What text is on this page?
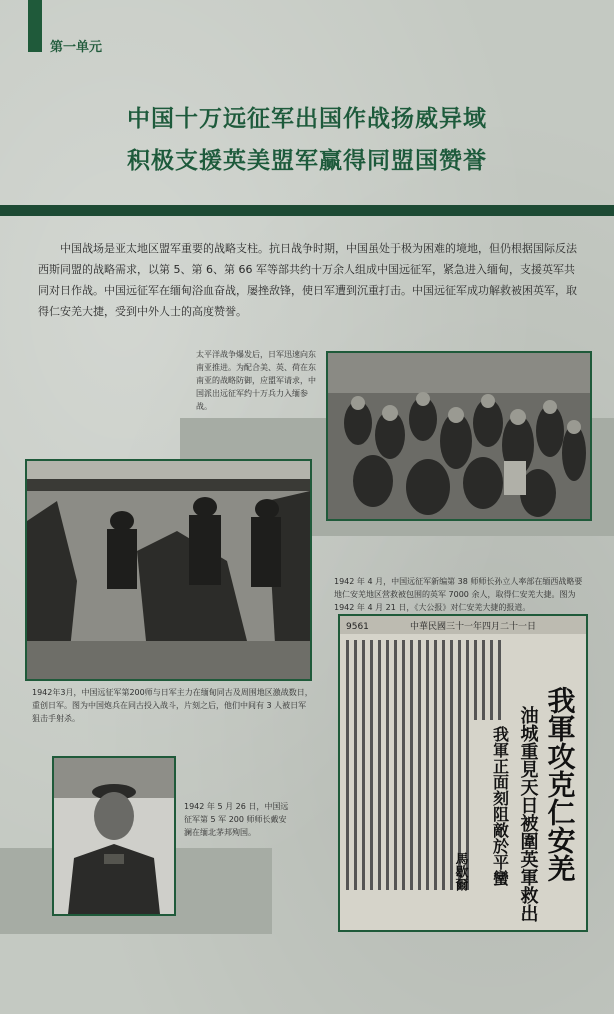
第一单元
中国十万远征军出国作战扬威异域
积极支援英美盟军赢得同盟国赞誉
中国战场是亚太地区盟军重要的战略支柱。抗日战争时期，中国虽处于极为困难的境地，但仍根据国际反法西斯同盟的战略需求，以第 5、第 6、第 66 军等部共约十万余人组成中国远征军，紧急进入缅甸，支援英军共同对日作战。中国远征军在缅甸浴血奋战，屡挫敌锋，使日军遭到沉重打击。中国远征军成功解救被困英军，取得仁安羌大捷，受到中外人士的高度赞誉。
太平洋战争爆发后，日军迅速向东南亚推进。为配合美、英、荷在东南亚的战略防御，应盟军请求，中国派出远征军约十万兵力入缅参战。
1942年3月，中国远征军第200师与日军主力在缅甸同古及周围地区激战数日，重创日军。图为中国炮兵在同古投入战斗，片刻之后，他们中间有 3 人被日军狙击手射杀。
1942 年 4 月，中国远征军新编第 38 师师长孙立人率部在缅西战略要地仁安羌地区营救被包围的英军 7000 余人，取得仁安羌大捷。图为 1942 年 4 月 21 日，《大公报》对仁安羌大捷的报道。
9561	中華民國三十一年四月二十一日
我軍攻克仁安羌
油城重見天日被圍英軍救出
我軍正面刻阻敵於平蠻
馬歇爾
1942 年 5 月 26 日，中国远征军第 5 军 200 师师长戴安澜在缅北茅邦殉国。
